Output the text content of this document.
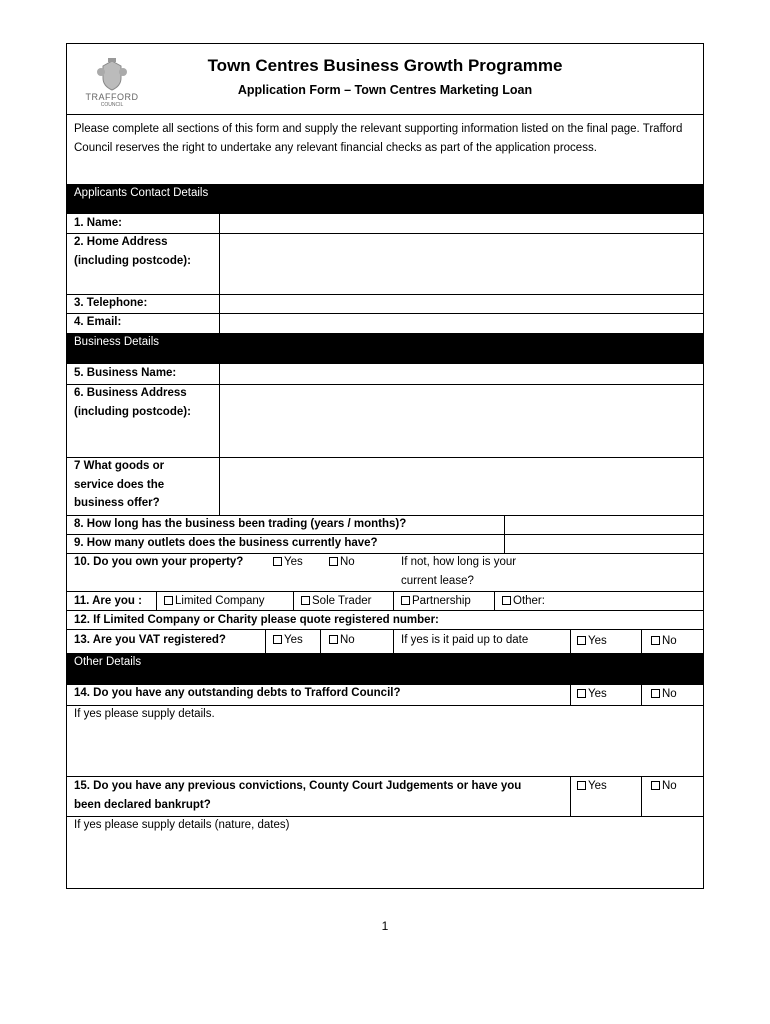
TRAFFORD
COUNCIL
Town Centres Business Growth Programme
Application Form – Town Centres Marketing Loan
Please complete all sections of this form and supply the relevant supporting information listed on the final page. Trafford Council reserves the right to undertake any relevant financial checks as part of the application process.
Applicants Contact Details
1. Name:
2. Home Address
(including postcode):
3. Telephone:
4. Email:
Business Details
5. Business Name:
6. Business Address
(including postcode):
7 What goods or
service does the
business offer?
8. How long has the business been trading (years / months)?
9. How many outlets does the business currently have?
10. Do you own your property?	Yes	No	If not, how long is your
current lease?
11. Are you :	Limited Company	Sole Trader	Partnership	Other:
12. If Limited Company or Charity please quote registered number:
13. Are you VAT registered?	Yes	No	If yes is it paid up to date	Yes	No
Other Details
14. Do you have any outstanding debts to Trafford Council?	Yes	No
If yes please supply details.
15. Do you have any previous convictions, County Court Judgements or have you
been declared bankrupt?
Yes	No
If yes please supply details (nature, dates)
1
